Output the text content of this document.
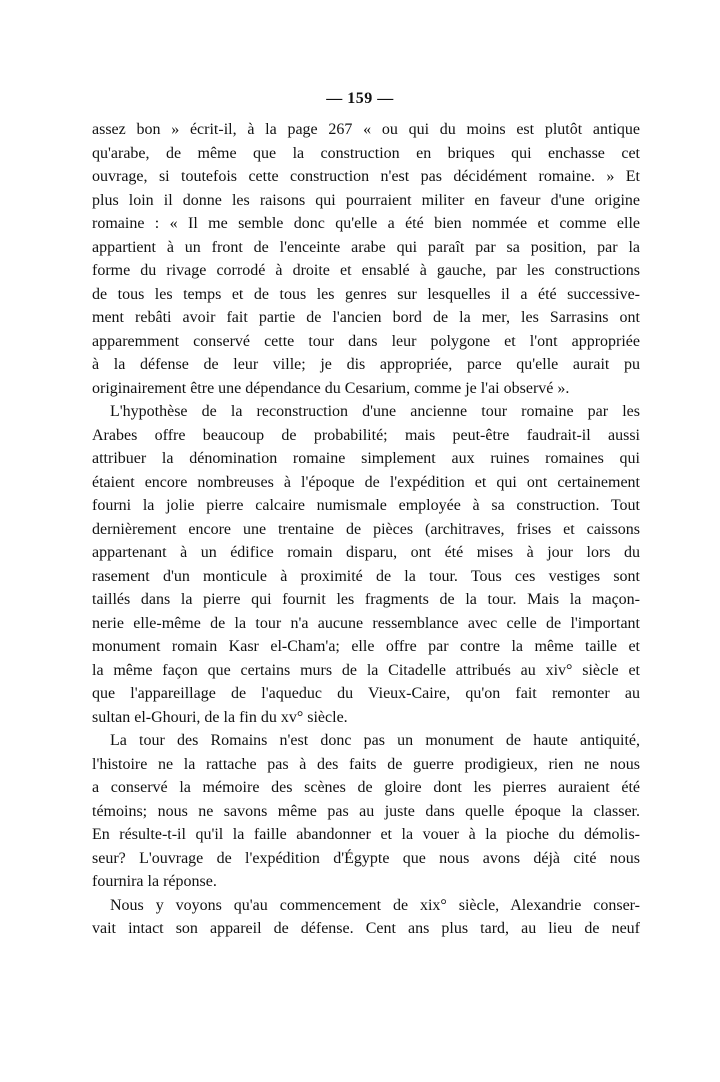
— 159 —
assez bon » écrit-il, à la page 267 « ou qui du moins est plutôt antique
qu'arabe, de même que la construction en briques qui enchasse cet
ouvrage, si toutefois cette construction n'est pas décidément romaine. » Et
plus loin il donne les raisons qui pourraient militer en faveur d'une origine
romaine : « Il me semble donc qu'elle a été bien nommée et comme elle
appartient à un front de l'enceinte arabe qui paraît par sa position, par la
forme du rivage corrodé à droite et ensablé à gauche, par les constructions
de tous les temps et de tous les genres sur lesquelles il a été successive-
ment rebâti avoir fait partie de l'ancien bord de la mer, les Sarrasins ont
apparemment conservé cette tour dans leur polygone et l'ont appropriée
à la défense de leur ville; je dis appropriée, parce qu'elle aurait pu
originairement être une dépendance du Cesarium, comme je l'ai observé ».
L'hypothèse de la reconstruction d'une ancienne tour romaine par les
Arabes offre beaucoup de probabilité; mais peut-être faudrait-il aussi
attribuer la dénomination romaine simplement aux ruines romaines qui
étaient encore nombreuses à l'époque de l'expédition et qui ont certainement
fourni la jolie pierre calcaire numismale employée à sa construction. Tout
dernièrement encore une trentaine de pièces (architraves, frises et caissons
appartenant à un édifice romain disparu, ont été mises à jour lors du
rasement d'un monticule à proximité de la tour. Tous ces vestiges sont
taillés dans la pierre qui fournit les fragments de la tour. Mais la maçon-
nerie elle-même de la tour n'a aucune ressemblance avec celle de l'important
monument romain Kasr el-Cham'a; elle offre par contre la même taille et
la même façon que certains murs de la Citadelle attribués au xiv° siècle et
que l'appareillage de l'aqueduc du Vieux-Caire, qu'on fait remonter au
sultan el-Ghouri, de la fin du xv° siècle.
La tour des Romains n'est donc pas un monument de haute antiquité,
l'histoire ne la rattache pas à des faits de guerre prodigieux, rien ne nous
a conservé la mémoire des scènes de gloire dont les pierres auraient été
témoins; nous ne savons même pas au juste dans quelle époque la classer.
En résulte-t-il qu'il la faille abandonner et la vouer à la pioche du démolis-
seur? L'ouvrage de l'expédition d'Égypte que nous avons déjà cité nous
fournira la réponse.
Nous y voyons qu'au commencement de xix° siècle, Alexandrie conser-
vait intact son appareil de défense. Cent ans plus tard, au lieu de neuf
